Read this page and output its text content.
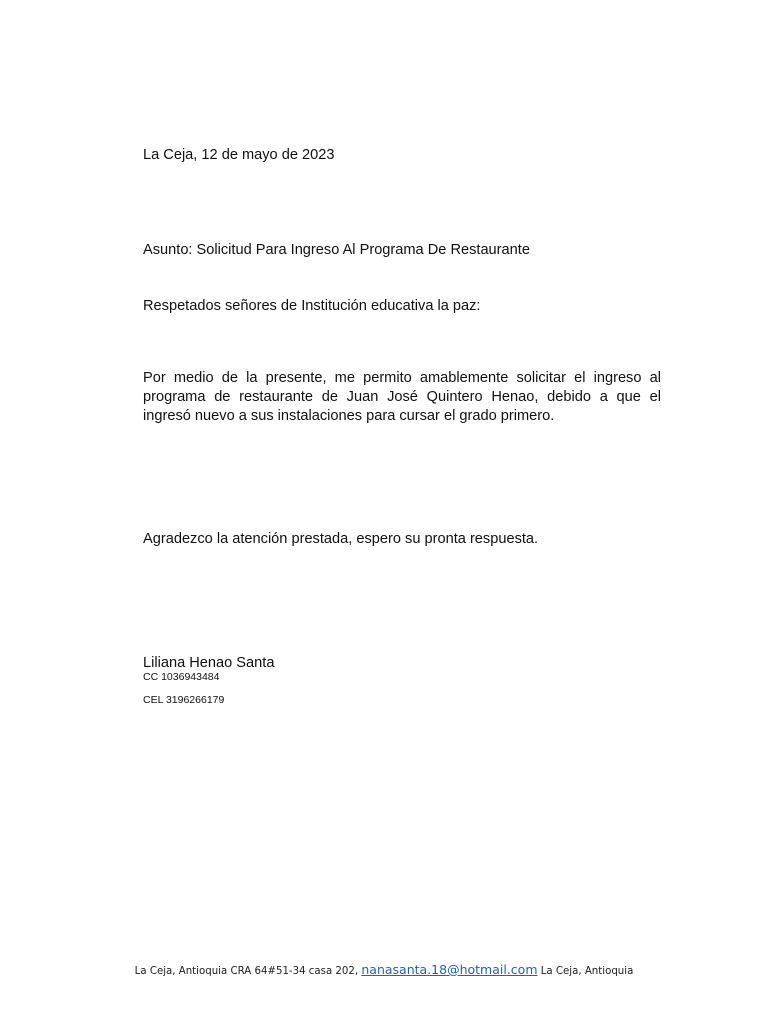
La Ceja, 12 de mayo de 2023

Asunto: Solicitud Para Ingreso Al Programa De Restaurante

Respetados señores de Institución educativa la paz:

Por medio de la presente, me permito amablemente solicitar el ingreso al programa de restaurante de Juan José Quintero Henao, debido a que el ingresó nuevo a sus instalaciones para cursar el grado primero.

Agradezco la atención prestada, espero su pronta respuesta.

Liliana Henao Santa

CC 1036943484

CEL 3196266179

La Ceja, Antioquia CRA 64#51-34 casa 202, nanasanta.18@hotmail.com La Ceja, Antioquia
